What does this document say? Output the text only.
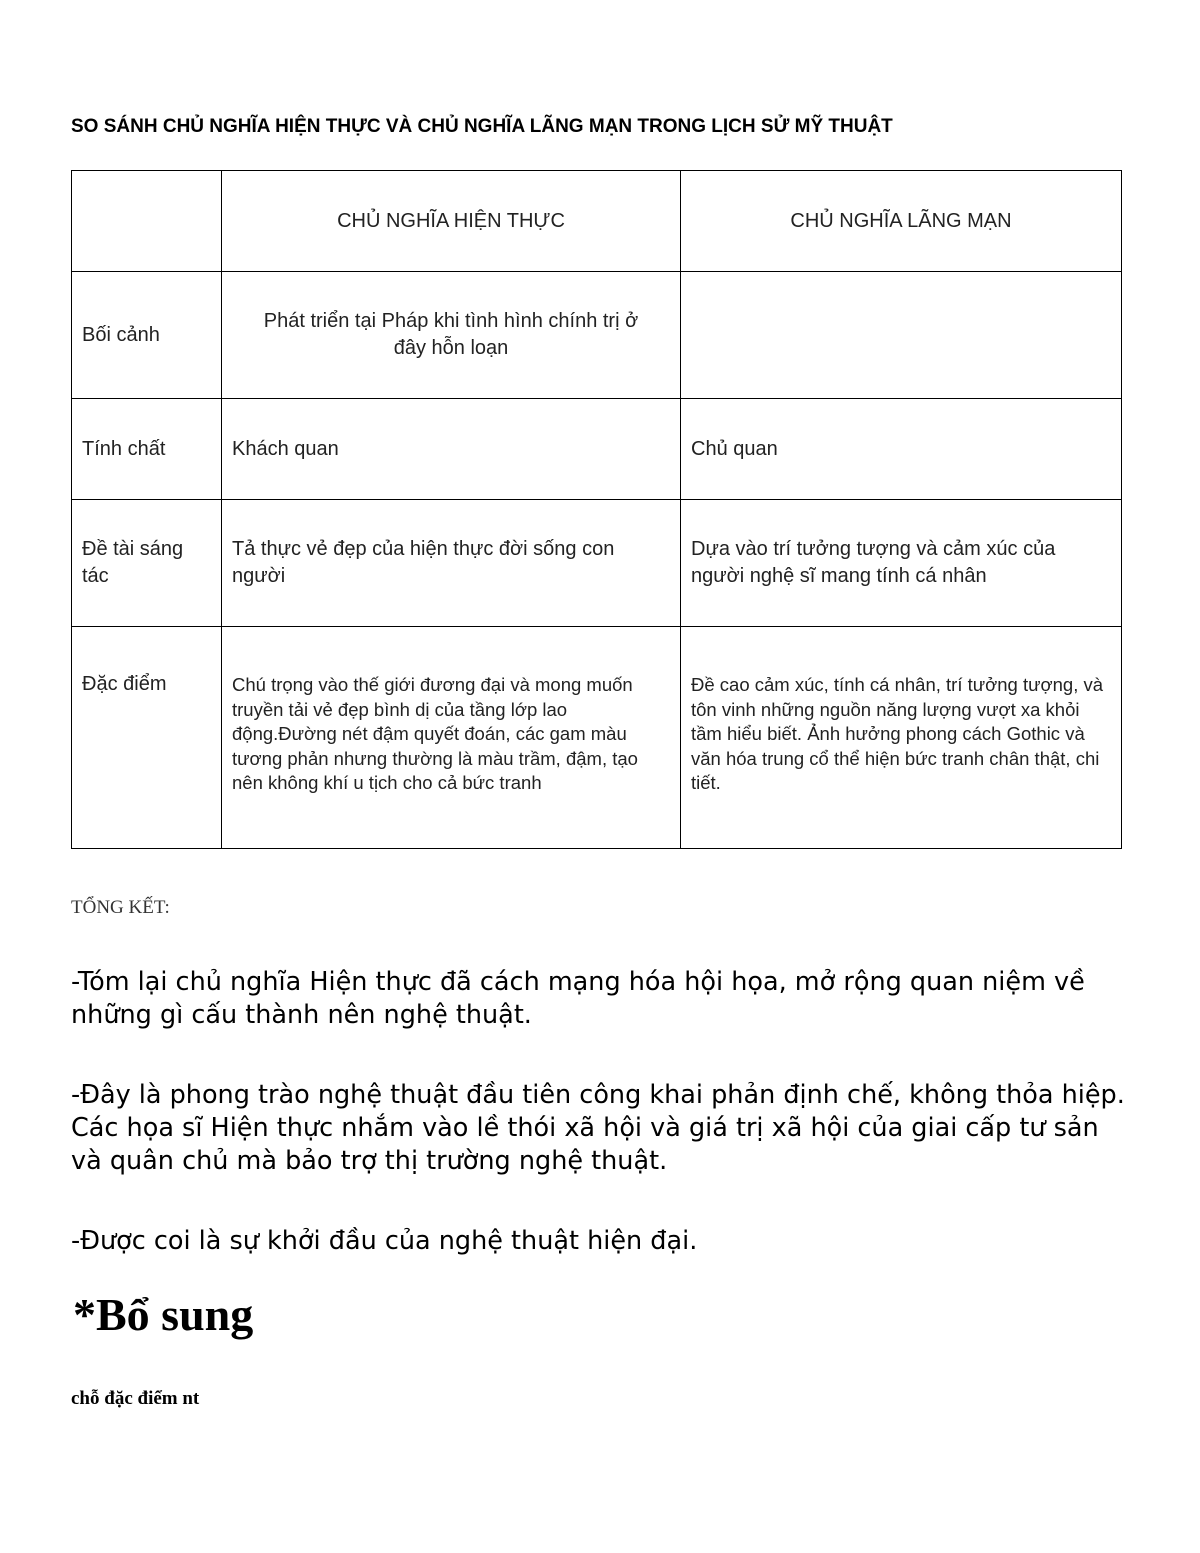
SO SÁNH CHỦ NGHĨA HIỆN THỰC VÀ CHỦ NGHĨA LÃNG MẠN TRONG LỊCH SỬ MỸ THUẬT
	CHỦ NGHĨA HIỆN THỰC	CHỦ NGHĨA LÃNG MẠN
Bối cảnh	Phát triển tại Pháp khi tình hình chính trị ở đây hỗn loạn	
Tính chất	Khách quan	Chủ quan
Đề tài sáng tác	Tả thực vẻ đẹp của hiện thực đời sống con người	Dựa vào trí tưởng tượng và cảm xúc của người nghệ sĩ mang tính cá nhân
Đặc điểm	Chú trọng vào thế giới đương đại và mong muốn truyền tải vẻ đẹp bình dị của tầng lớp lao động.Đường nét đậm quyết đoán, các gam màu tương phản nhưng thường là màu trầm, đậm, tạo nên không khí u tịch cho cả bức tranh	Đề cao cảm xúc, tính cá nhân, trí tưởng tượng, và tôn vinh những nguồn năng lượng vượt xa khỏi tầm hiểu biết. Ảnh hưởng phong cách Gothic và văn hóa trung cổ thể hiện bức tranh chân thật, chi tiết.
TỔNG KẾT:
-Tóm lại chủ nghĩa Hiện thực đã cách mạng hóa hội họa, mở rộng quan niệm về những gì cấu thành nên nghệ thuật.
-Đây là phong trào nghệ thuật đầu tiên công khai phản định chế, không thỏa hiệp. Các họa sĩ Hiện thực nhắm vào lề thói xã hội và giá trị xã hội của giai cấp tư sản và quân chủ mà bảo trợ thị trường nghệ thuật.
-Được coi là sự khởi đầu của nghệ thuật hiện đại.
*Bổ sung
chỗ đặc điểm nt
